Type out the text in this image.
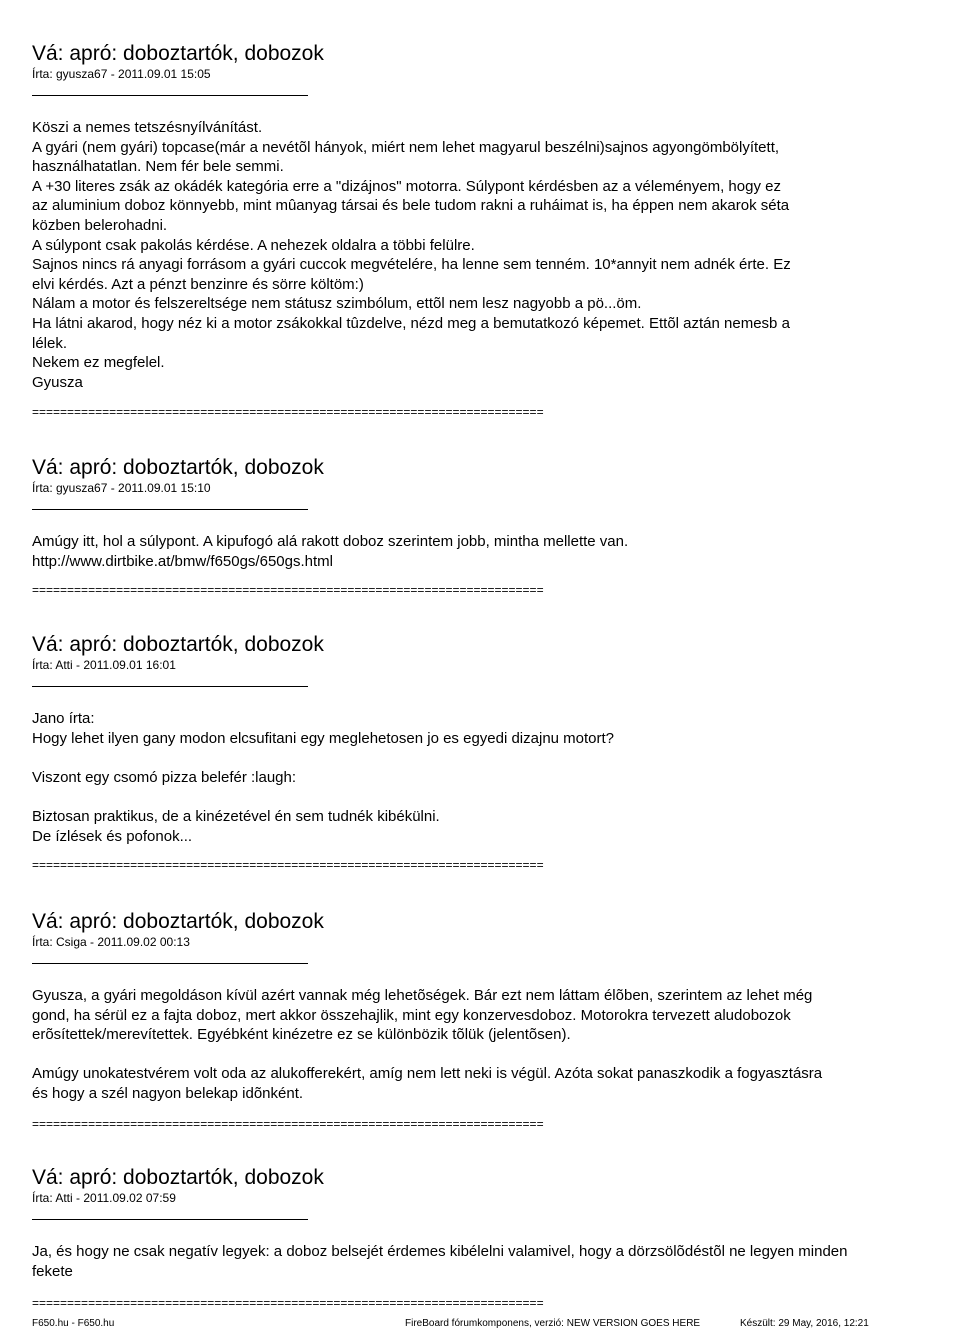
Vá: apró: doboztartók, dobozok
Írta: gyusza67 - 2011.09.01 15:05

Köszi a nemes tetszésnyílvánítást.

A gyári (nem gyári) topcase(már a nevétõl hányok, miért nem lehet magyarul beszélni)sajnos agyongömbölyített,

használhatatlan. Nem fér bele semmi.

A +30 literes zsák az okádék kategória erre a "dizájnos" motorra. Súlypont kérdésben az a véleményem, hogy ez

az aluminium doboz könnyebb, mint mûanyag társai és bele tudom rakni a ruháimat is, ha éppen nem akarok séta

közben belerohadni.

A súlypont csak pakolás kérdése. A nehezek oldalra a többi felülre.

Sajnos nincs rá anyagi forrásom a gyári cuccok megvételére, ha lenne sem tenném. 10*annyit nem adnék érte. Ez

elvi kérdés. Azt a pénzt benzinre és sörre költöm:)

Nálam a motor és felszereltsége nem státusz szimbólum, ettõl nem lesz nagyobb a pö...öm.

Ha látni akarod, hogy néz ki a motor zsákokkal tûzdelve, nézd meg a bemutatkozó képemet. Ettõl aztán nemesb a

lélek.

Nekem ez megfelel.

Gyusza

Vá: apró: doboztartók, dobozok
Írta: gyusza67 - 2011.09.01 15:10

Amúgy itt, hol a súlypont. A kipufogó alá rakott doboz szerintem jobb, mintha mellette van.

http://www.dirtbike.at/bmw/f650gs/650gs.html

Vá: apró: doboztartók, dobozok
Írta: Atti - 2011.09.01 16:01

Jano írta:

Hogy lehet ilyen gany modon elcsufitani egy meglehetosen jo es egyedi dizajnu motort?

Viszont egy csomó pizza belefér :laugh:

Biztosan praktikus, de a kinézetével én sem tudnék kibékülni.

De ízlések és pofonok...

Vá: apró: doboztartók, dobozok
Írta: Csiga - 2011.09.02 00:13

Gyusza, a gyári megoldáson kívül azért vannak még lehetõségek. Bár ezt nem láttam élõben, szerintem az lehet még

gond, ha sérül ez a fajta doboz, mert akkor összehajlik, mint egy konzervesdoboz. Motorokra tervezett aludobozok

erõsítettek/merevítettek. Egyébként kinézetre ez se különbözik tõlük (jelentõsen).

Amúgy unokatestvérem volt oda az alukofferekért, amíg nem lett neki is végül. Azóta sokat panaszkodik a fogyasztásra

és hogy a szél nagyon belekap idõnként.

Vá: apró: doboztartók, dobozok
Írta: Atti - 2011.09.02 07:59

Ja, és hogy ne csak negatív legyek: a doboz belsejét érdemes kibélelni valamivel, hogy a dörzsölõdéstõl ne legyen minden

fekete

F650.hu - F650.hu	FireBoard fórumkomponens, verzió: NEW VERSION GOES HERE	Készült: 29 May, 2016, 12:21
=========================================================================
=========================================================================
=========================================================================
=========================================================================
=========================================================================
